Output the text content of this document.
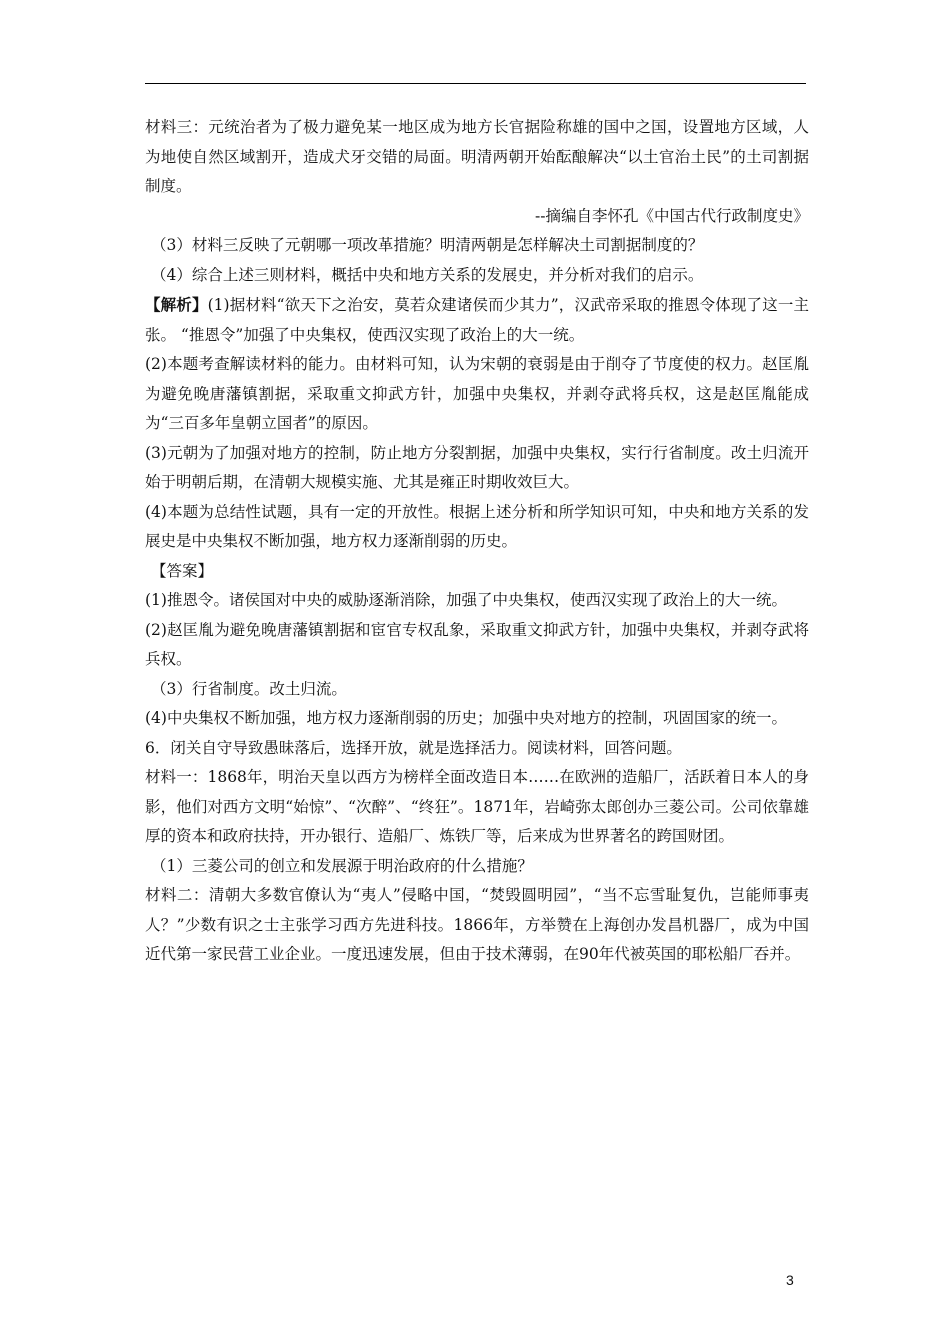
材料三：元统治者为了极力避免某一地区成为地方长官据险称雄的国中之国，设置地方区域，人为地使自然区域割开，造成犬牙交错的局面。明清两朝开始酝酿解决“以土官治土民”的土司割据制度。

--摘编自李怀孔《中国古代行政制度史》

（3）材料三反映了元朝哪一项改革措施？明清两朝是怎样解决土司割据制度的？

（4）综合上述三则材料，概括中央和地方关系的发展史，并分析对我们的启示。

【解析】(1)据材料“欲天下之治安，莫若众建诸侯而少其力”，汉武帝采取的推恩令体现了这一主张。 “推恩令”加强了中央集权，使西汉实现了政治上的大一统。

(2)本题考查解读材料的能力。由材料可知，认为宋朝的衰弱是由于削夺了节度使的权力。赵匡胤为避免晚唐藩镇割据，采取重文抑武方针，加强中央集权，并剥夺武将兵权，这是赵匡胤能成为“三百多年皇朝立国者”的原因。

(3)元朝为了加强对地方的控制，防止地方分裂割据，加强中央集权，实行行省制度。改土归流开始于明朝后期，在清朝大规模实施、尤其是雍正时期收效巨大。

(4)本题为总结性试题，具有一定的开放性。根据上述分析和所学知识可知，中央和地方关系的发展史是中央集权不断加强，地方权力逐渐削弱的历史。

【答案】

(1)推恩令。诸侯国对中央的威胁逐渐消除，加强了中央集权，使西汉实现了政治上的大一统。

(2)赵匡胤为避免晚唐藩镇割据和宦官专权乱象，采取重文抑武方针，加强中央集权，并剥夺武将兵权。

（3）行省制度。改土归流。

(4)中央集权不断加强，地方权力逐渐削弱的历史；加强中央对地方的控制，巩固国家的统一。

6．闭关自守导致愚昧落后，选择开放，就是选择活力。阅读材料，回答问题。

材料一：1868年，明治天皇以西方为榜样全面改造日本……在欧洲的造船厂，活跃着日本人的身影，他们对西方文明“始惊”、“次醉”、“终狂”。1871年，岩崎弥太郎创办三菱公司。公司依靠雄厚的资本和政府扶持，开办银行、造船厂、炼铁厂等，后来成为世界著名的跨国财团。

（1）三菱公司的创立和发展源于明治政府的什么措施？

材料二：清朝大多数官僚认为“夷人”侵略中国，“焚毁圆明园”，“当不忘雪耻复仇，岂能师事夷人？”少数有识之士主张学习西方先进科技。1866年，方举赞在上海创办发昌机器厂，成为中国近代第一家民营工业企业。一度迅速发展，但由于技术薄弱，在90年代被英国的耶松船厂吞并。

3
